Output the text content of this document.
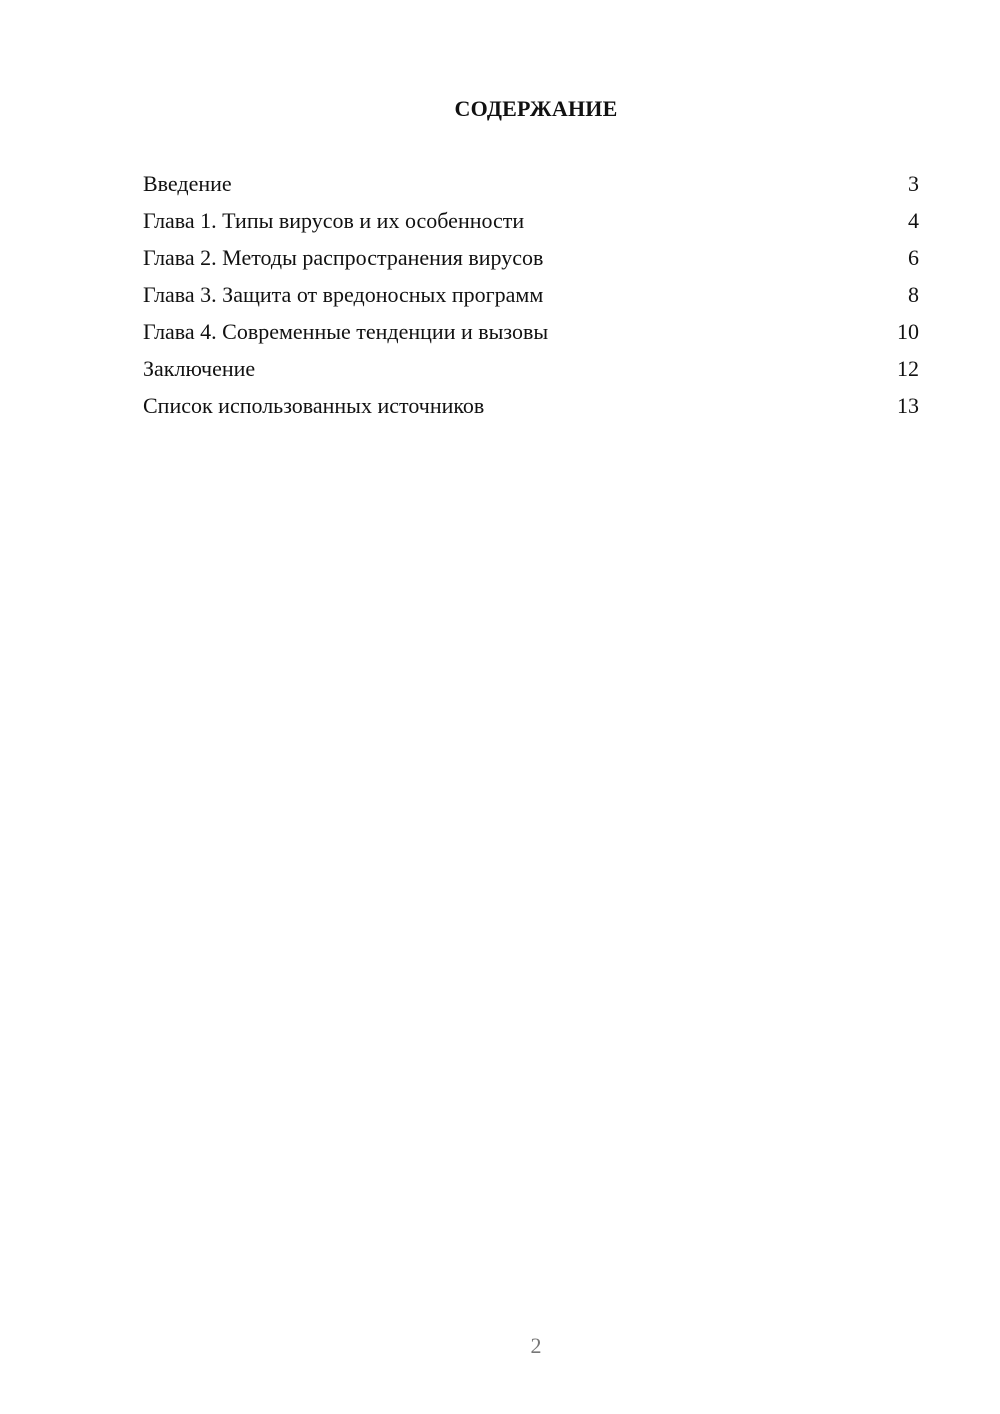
СОДЕРЖАНИЕ
Введение	3
Глава 1. Типы вирусов и их особенности	4
Глава 2. Методы распространения вирусов	6
Глава 3. Защита от вредоносных программ	8
Глава 4. Современные тенденции и вызовы	10
Заключение	12
Список использованных источников	13
2
